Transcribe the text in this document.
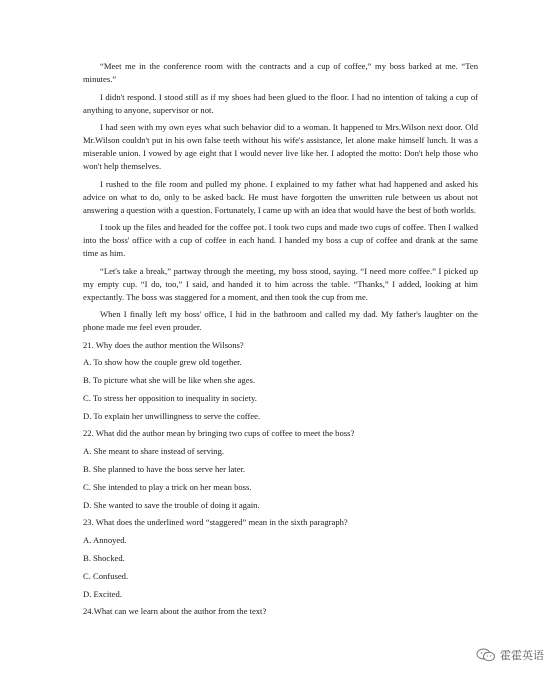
“Meet me in the conference room with the contracts and a cup of coffee,” my boss barked at me. “Ten minutes.”

I didn't respond. I stood still as if my shoes had been glued to the floor. I had no intention of taking a cup of anything to anyone, supervisor or not.

I had seen with my own eyes what such behavior did to a woman. It happened to Mrs.Wilson next door. Old Mr.Wilson couldn't put in his own false teeth without his wife's assistance, let alone make himself lunch. It was a miserable union. I vowed by age eight that I would never live like her. I adopted the motto: Don't help those who won't help themselves.

I rushed to the file room and pulled my phone. I explained to my father what had happened and asked his advice on what to do, only to be asked back. He must have forgotten the unwritten rule between us about not answering a question with a question. Fortunately, I came up with an idea that would have the best of both worlds.

I took up the files and headed for the coffee pot. I took two cups and made two cups of coffee. Then I walked into the boss' office with a cup of coffee in each hand. I handed my boss a cup of coffee and drank at the same time as him.

“Let's take a break,” partway through the meeting, my boss stood, saying. “I need more coffee.” I picked up my empty cup. “I do, too,” I said, and handed it to him across the table. “Thanks,” I added, looking at him expectantly. The boss was staggered for a moment, and then took the cup from me.

When I finally left my boss' office, I hid in the bathroom and called my dad. My father's laughter on the phone made me feel even prouder.

21. Why does the author mention the Wilsons?

A. To show how the couple grew old together.

B. To picture what she will be like when she ages.

C. To stress her opposition to inequality in society.

D. To explain her unwillingness to serve the coffee.

22. What did the author mean by bringing two cups of coffee to meet the boss?

A. She meant to share instead of serving.

B. She planned to have the boss serve her later.

C. She intended to play a trick on her mean boss.

D. She wanted to save the trouble of doing it again.

23. What does the underlined word “staggered” mean in the sixth paragraph?

A. Annoyed.

B. Shocked.

C. Confused.

D. Excited.

24.What can we learn about the author from the text?

霍霍英语
